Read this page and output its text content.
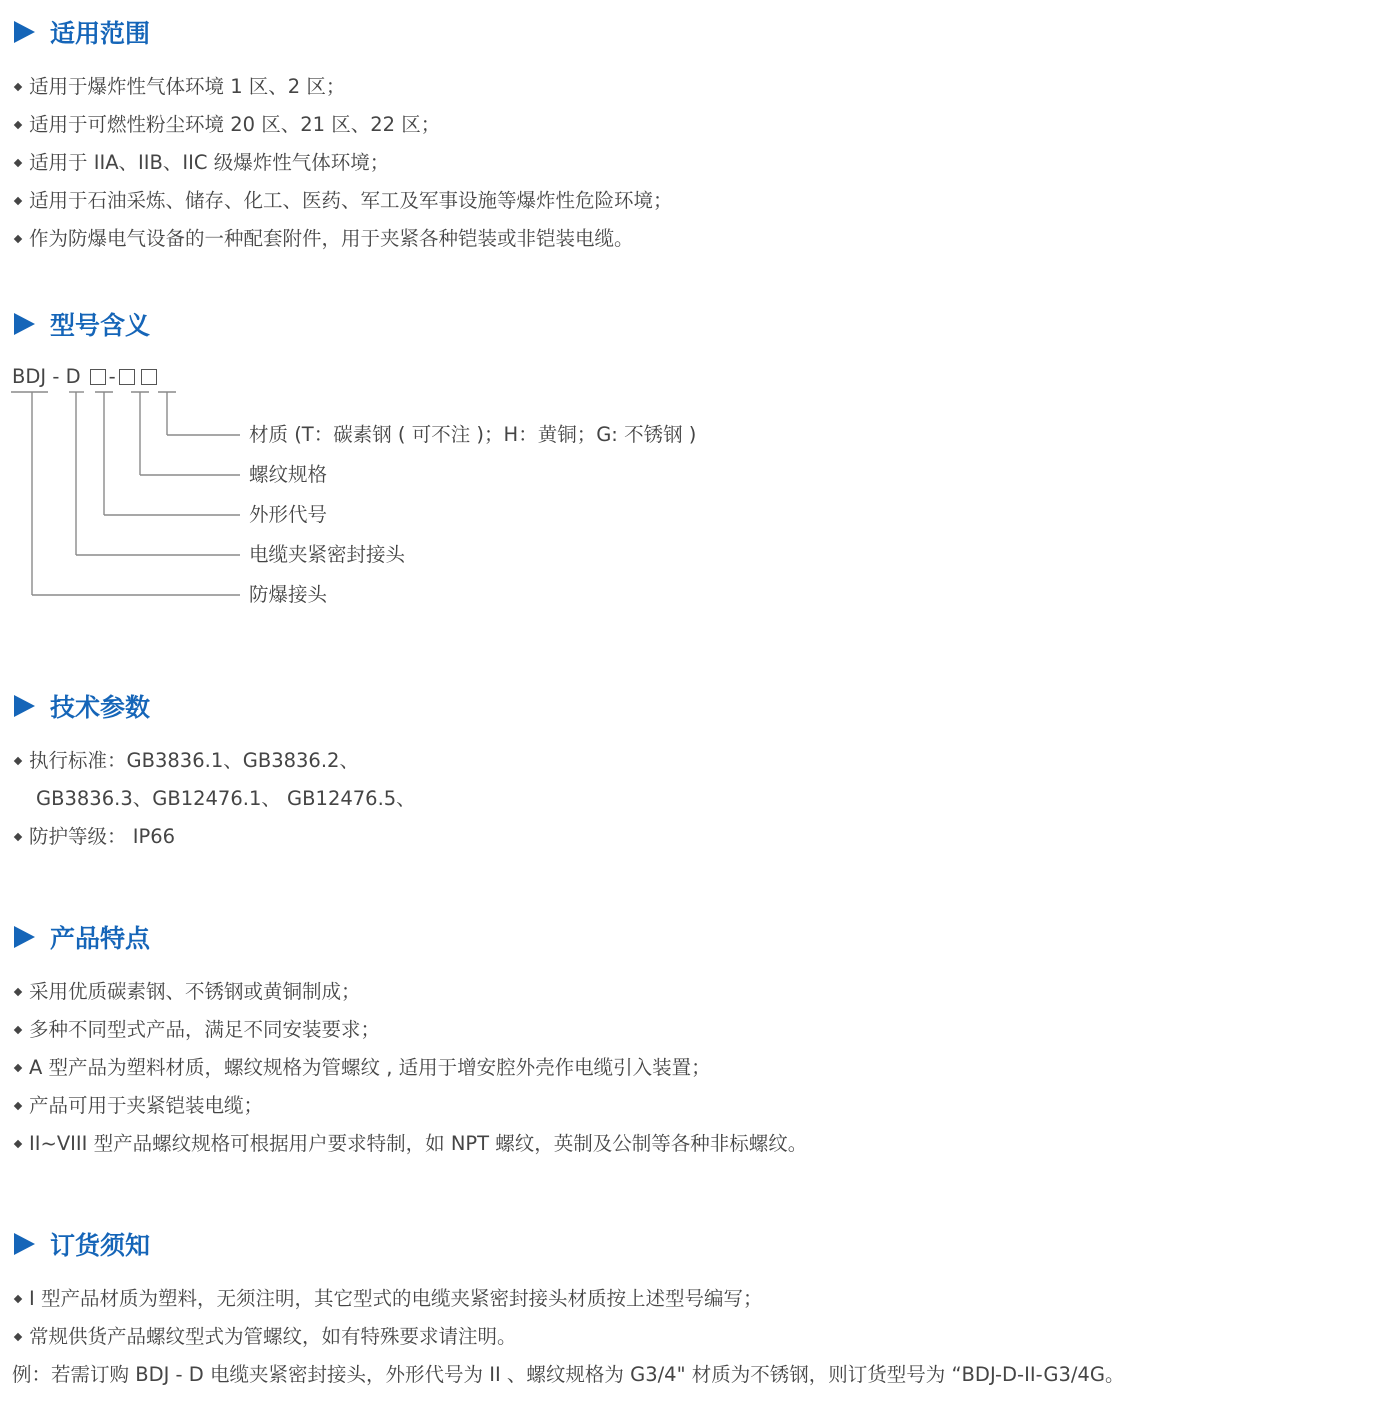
适用范围
适用于爆炸性气体环境 1 区、2 区；
适用于可燃性粉尘环境 20 区、21 区、22 区；
适用于 IIA、IIB、IIC 级爆炸性气体环境；
适用于石油采炼、储存、化工、医药、军工及军事设施等爆炸性危险环境；
作为防爆电气设备的一种配套附件，用于夹紧各种铠装或非铠装电缆。
型号含义
BDJ - D -
材质 (T：碳素钢 ( 可不注 )；H：黄铜；G: 不锈钢 )
螺纹规格
外形代号
电缆夹紧密封接头
防爆接头
技术参数
执行标准：GB3836.1、GB3836.2、
GB3836.3、GB12476.1、 GB12476.5、
防护等级： IP66
产品特点
采用优质碳素钢、不锈钢或黄铜制成；
多种不同型式产品，满足不同安装要求；
A 型产品为塑料材质，螺纹规格为管螺纹 , 适用于增安腔外壳作电缆引入装置；
产品可用于夹紧铠装电缆；
II~VIII 型产品螺纹规格可根据用户要求特制，如 NPT 螺纹，英制及公制等各种非标螺纹。
订货须知
I 型产品材质为塑料，无须注明，其它型式的电缆夹紧密封接头材质按上述型号编写；
常规供货产品螺纹型式为管螺纹，如有特殊要求请注明。
例：若需订购 BDJ - D 电缆夹紧密封接头，外形代号为 II 、螺纹规格为 G3/4" 材质为不锈钢，则订货型号为 “BDJ-D-II-G3/4G。
